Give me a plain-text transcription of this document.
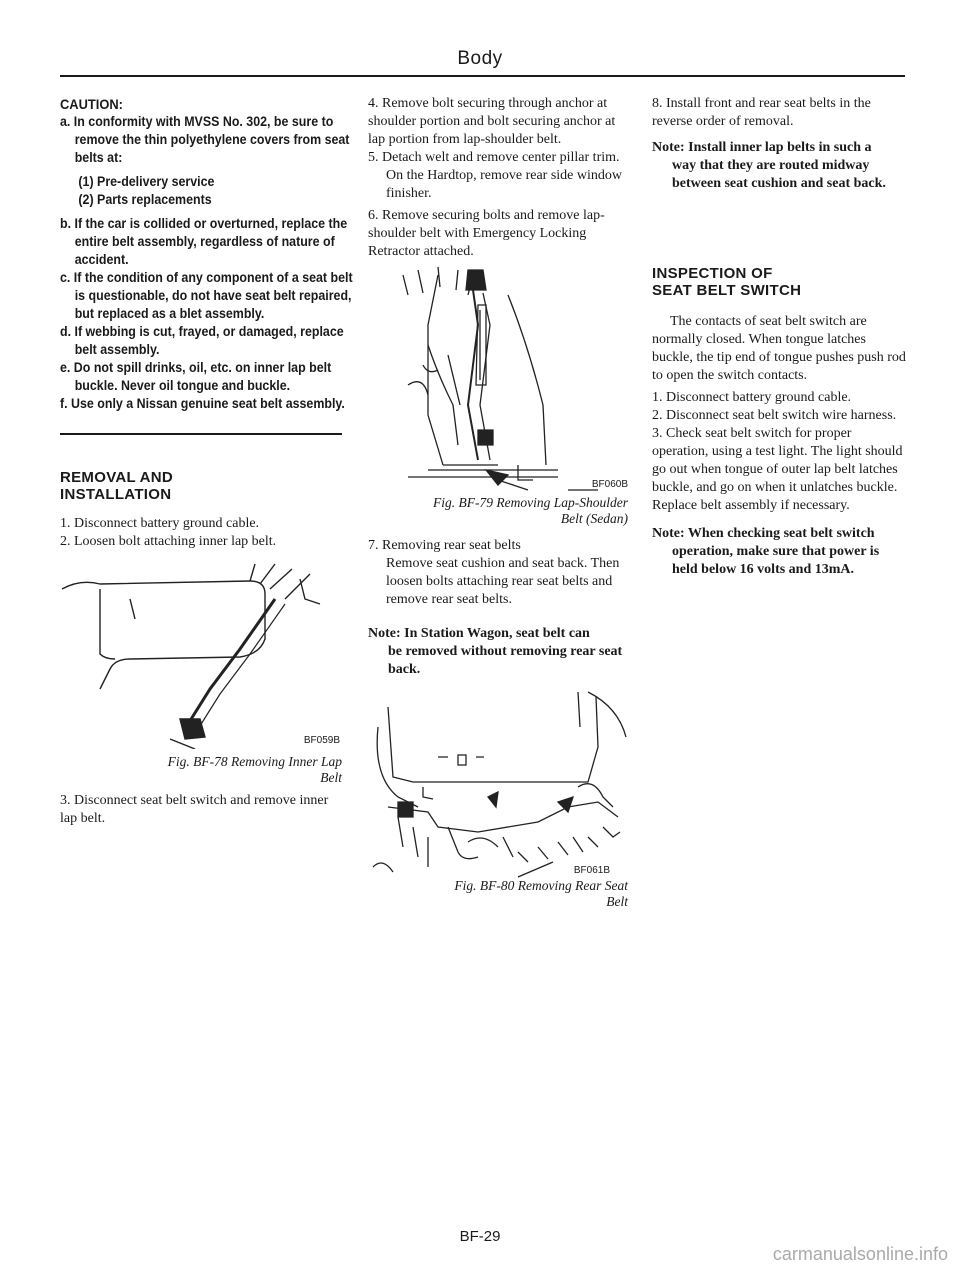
Body

CAUTION:

a. In conformity with MVSS No. 302, be sure to remove the thin polyethylene covers from seat belts at:

(1) Pre-delivery service

(2) Parts replacements

b. If the car is collided or overturned, replace the entire belt assembly, regardless of nature of accident.

c. If the condition of any component of a seat belt is questionable, do not have seat belt repaired, but replaced as a blet assembly.

d. If webbing is cut, frayed, or damaged, replace belt assembly.

e. Do not spill drinks, oil, etc. on inner lap belt buckle. Never oil tongue and buckle.

f. Use only a Nissan genuine seat belt assembly.

REMOVAL AND
INSTALLATION

1. Disconnect battery ground cable.

2. Loosen bolt attaching inner lap belt.

BF059B

Fig. BF-78 Removing Inner Lap

Belt

3. Disconnect seat belt switch and remove inner lap belt.

4. Remove bolt securing through anchor at shoulder portion and bolt securing anchor at lap portion from lap-shoulder belt.

5. Detach welt and remove center pillar trim.

On the Hardtop, remove rear side window finisher.

6. Remove securing bolts and remove lap-shoulder belt with Emergency Locking Retractor attached.

BF060B

Fig. BF-79 Removing Lap-Shoulder

Belt (Sedan)

7. Removing rear seat belts

Remove seat cushion and seat back. Then loosen bolts attaching rear seat belts and remove rear seat belts.

Note: In Station Wagon, seat belt can

be removed without removing rear seat back.

BF061B

Fig. BF-80 Removing Rear Seat

Belt

8. Install front and rear seat belts in the reverse order of removal.

Note: Install inner lap belts in such a

way that they are routed midway between seat cushion and seat back.

INSPECTION OF
SEAT BELT SWITCH

The contacts of seat belt switch are normally closed. When tongue latches buckle, the tip end of tongue pushes push rod to open the switch contacts.

1. Disconnect battery ground cable.

2. Disconnect seat belt switch wire harness.

3. Check seat belt switch for proper operation, using a test light. The light should go out when tongue of outer lap belt latches buckle, and go on when it unlatches buckle. Replace belt assembly if necessary.

Note: When checking seat belt switch

operation, make sure that power is held below 16 volts and 13mA.

BF-29
carmanualsonline.info
